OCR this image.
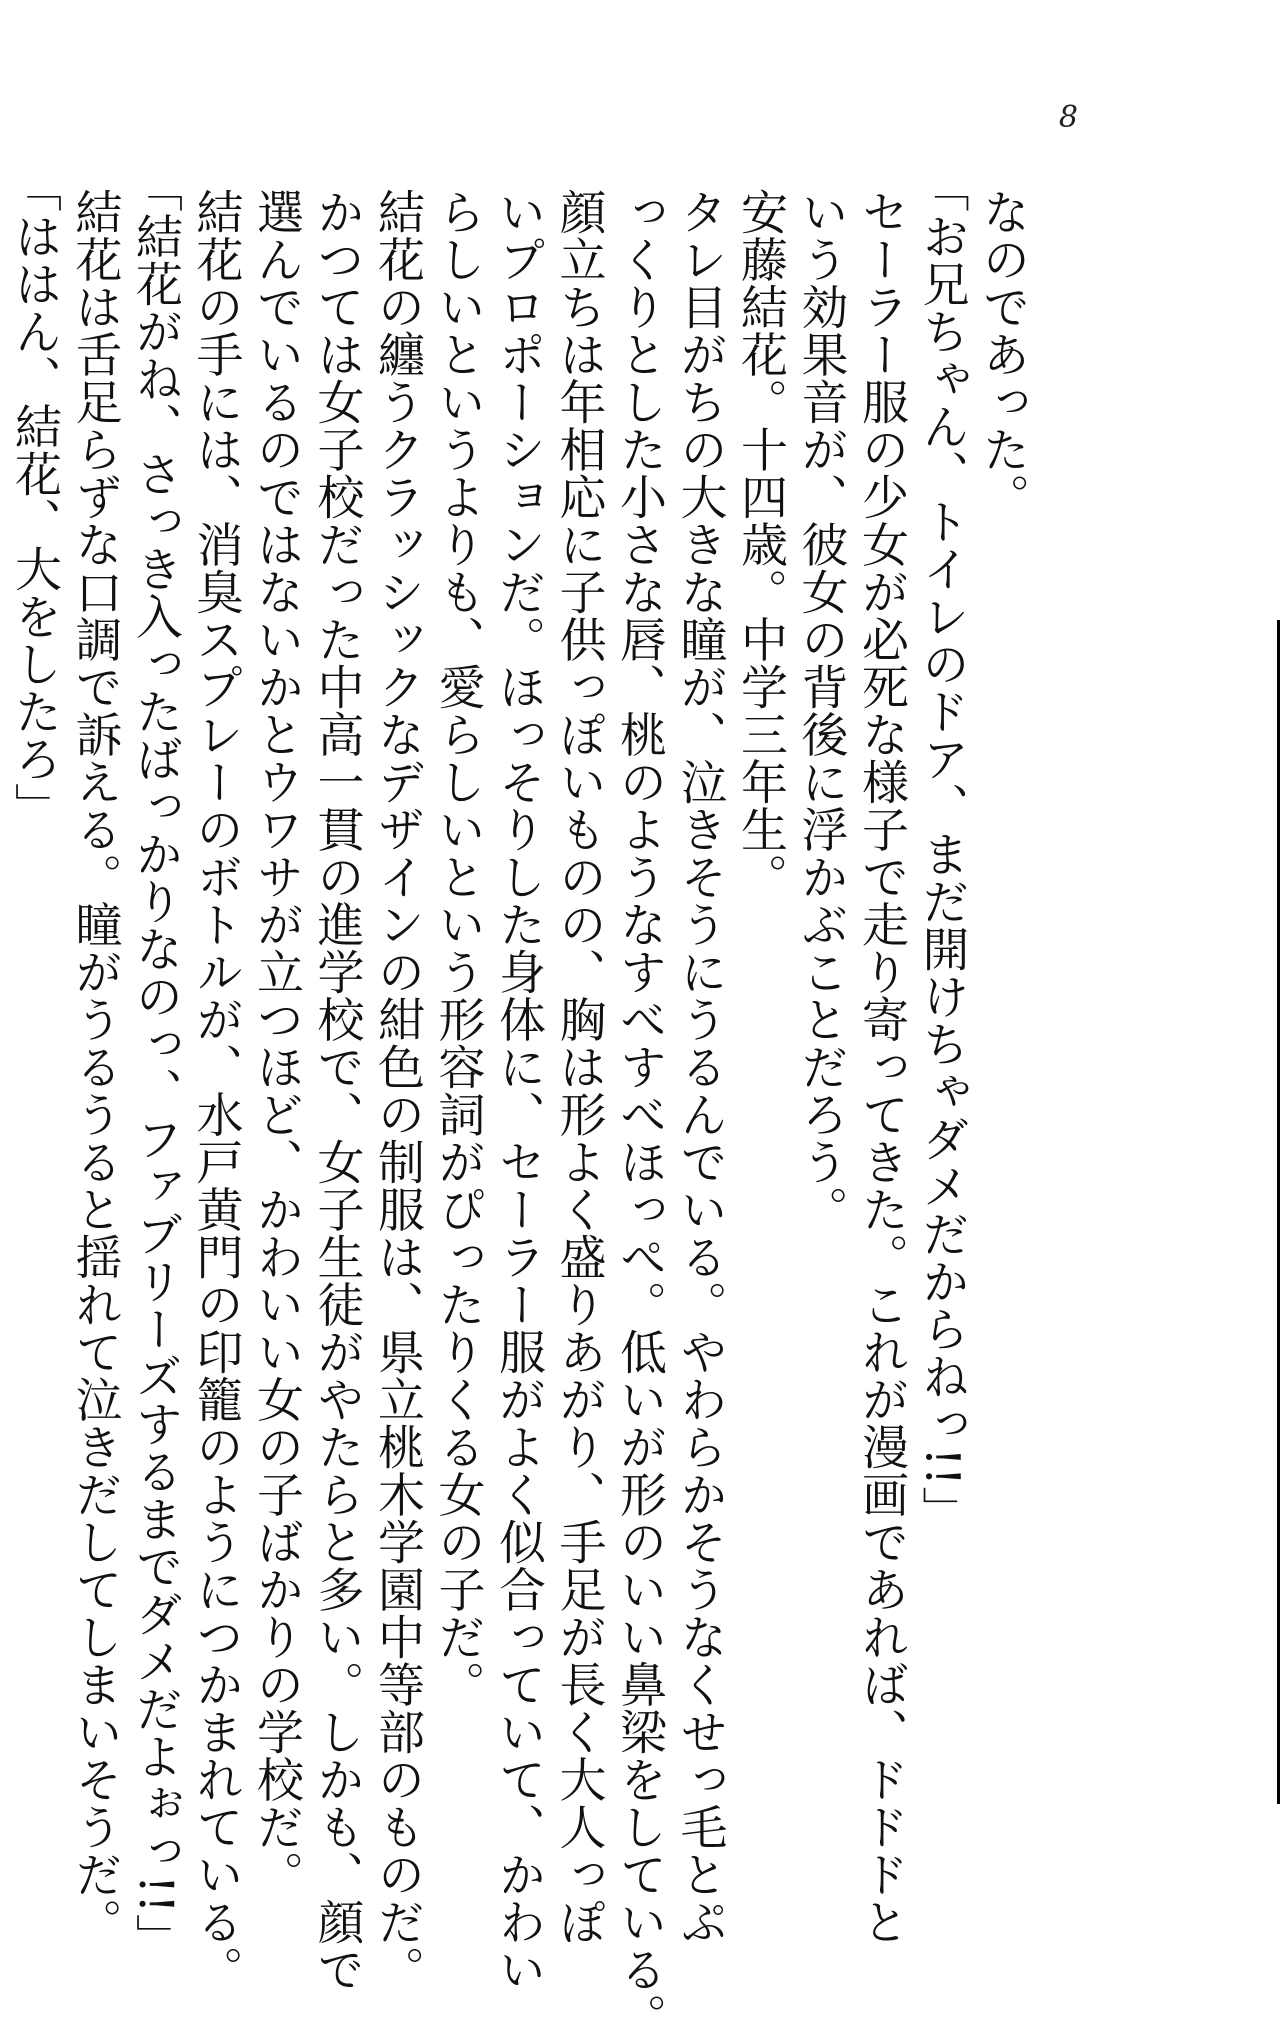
8
なのであった。
「お兄ちゃん、トイレのドア、まだ開けちゃダメだからねっ!!」
セーラー服の少女が必死な様子で走り寄ってきた。これが漫画であれば、ドドドと
いう効果音が、彼女の背後に浮かぶことだろう。
安藤結花。十四歳。中学三年生。
タレ目がちの大きな瞳が、泣きそうにうるんでいる。やわらかそうなくせっ毛とぷ
っくりとした小さな唇、桃のようなすべすべほっぺ。低いが形のいい鼻梁をしている。
顔立ちは年相応に子供っぽいものの、胸は形よく盛りあがり、手足が長く大人っぽ
いプロポーションだ。ほっそりした身体に、セーラー服がよく似合っていて、かわい
らしいというよりも、愛らしいという形容詞がぴったりくる女の子だ。
結花の纏うクラッシックなデザインの紺色の制服は、県立桃木学園中等部のものだ。
かつては女子校だった中高一貫の進学校で、女子生徒がやたらと多い。しかも、顔で
選んでいるのではないかとウワサが立つほど、かわいい女の子ばかりの学校だ。
結花の手には、消臭スプレーのボトルが、水戸黄門の印籠のようにつかまれている。
「結花がね、さっき入ったばっかりなのっ、ファブリーズするまでダメだよぉっ!!」
結花は舌足らずな口調で訴える。瞳がうるうると揺れて泣きだしてしまいそうだ。
「ははん、結花、大をしたろ」
